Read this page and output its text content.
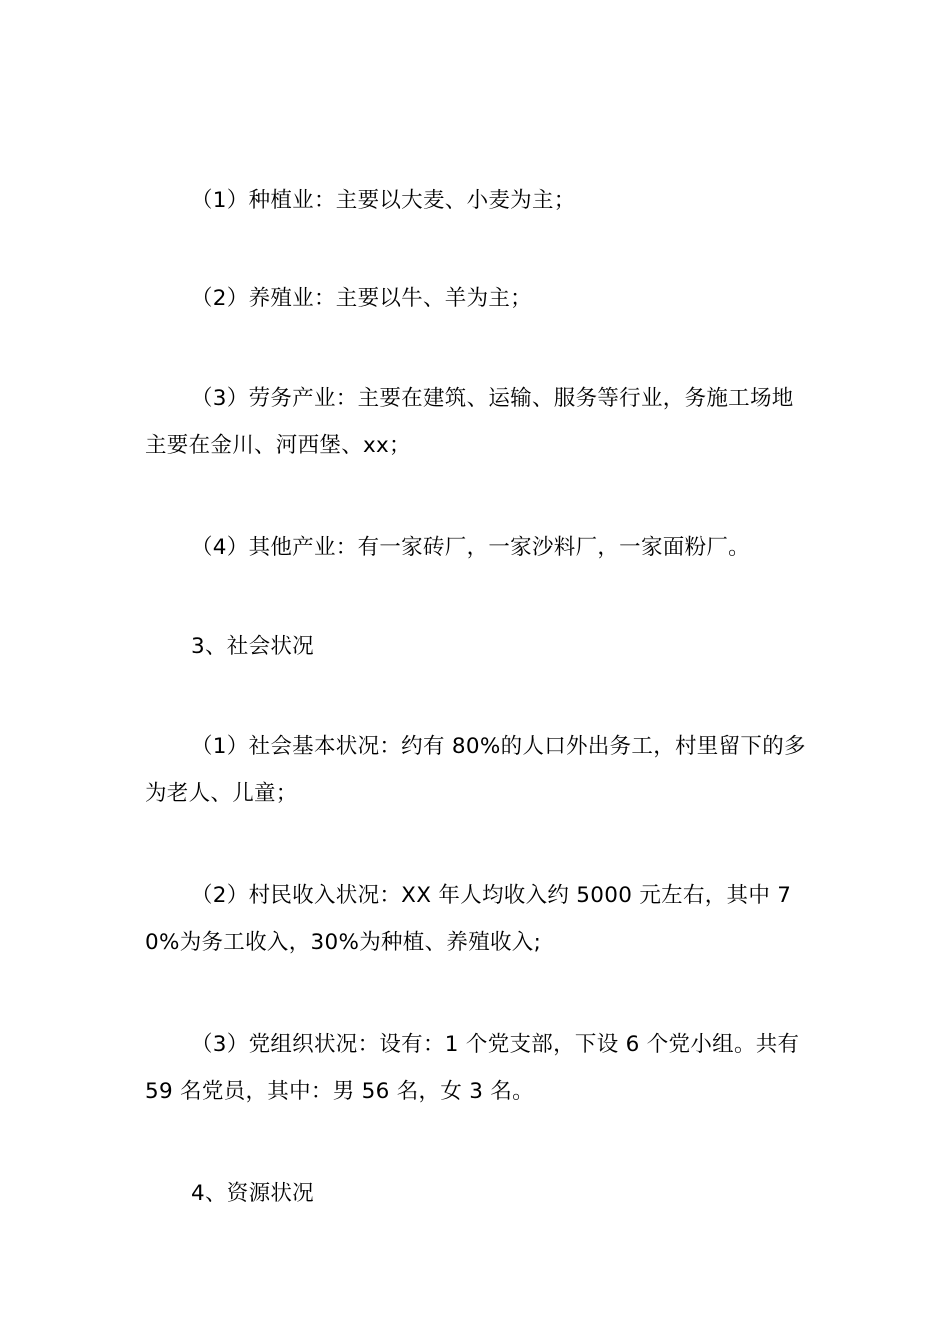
（1）种植业：主要以大麦、小麦为主；

（2）养殖业：主要以牛、羊为主；

（3）劳务产业：主要在建筑、运输、服务等行业，务施工场地主要在金川、河西堡、xx；

（4）其他产业：有一家砖厂，一家沙料厂，一家面粉厂。

3、社会状况

（1）社会基本状况：约有 80%的人口外出务工，村里留下的多为老人、儿童；

（2）村民收入状况：XX 年人均收入约 5000 元左右，其中 70%为务工收入，30%为种植、养殖收入;

（3）党组织状况：设有：1 个党支部，下设 6 个党小组。共有 59 名党员，其中：男 56 名，女 3 名。

4、资源状况
